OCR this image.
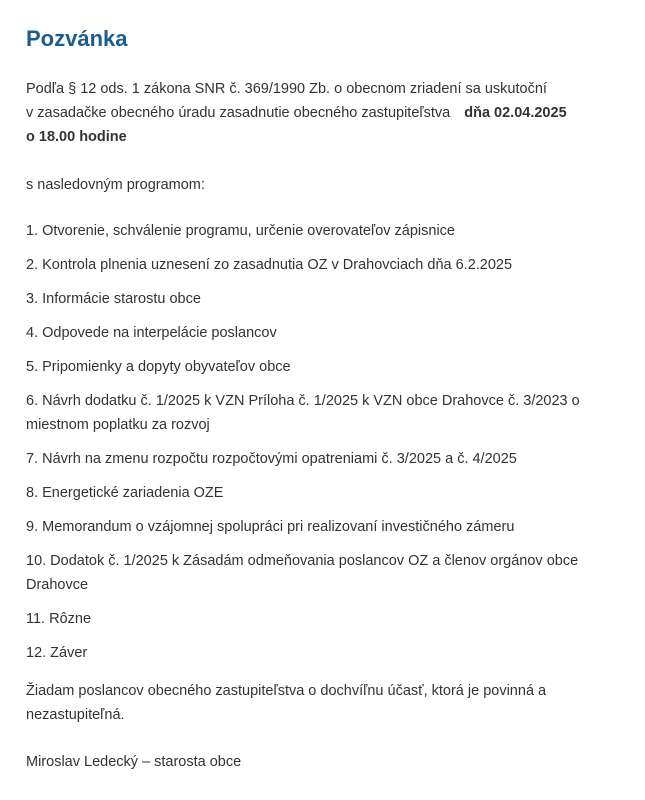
Pozvánka

Podľa § 12 ods. 1 zákona SNR č. 369/1990 Zb. o obecnom zriadení sa uskutoční
v zasadačke obecného úradu zasadnutie obecného zastupiteľstva dňa 02.04.2025
o 18.00 hodine

s nasledovným programom:

1. Otvorenie, schválenie programu, určenie overovateľov zápisnice
2. Kontrola plnenia uznesení zo zasadnutia OZ v Drahovciach dňa 6.2.2025
3. Informácie starostu obce
4. Odpovede na interpelácie poslancov
5. Pripomienky a dopyty obyvateľov obce
6. Návrh dodatku č. 1/2025 k VZN Príloha č. 1/2025 k VZN obce Drahovce č. 3/2023 o miestnom poplatku za rozvoj
7. Návrh na zmenu rozpočtu rozpočtovými opatreniami č. 3/2025 a č. 4/2025
8. Energetické zariadenia OZE
9. Memorandum o vzájomnej spolupráci pri realizovaní investičného zámeru
10. Dodatok č. 1/2025 k Zásadám odmeňovania poslancov OZ a členov orgánov obce Drahovce
11. Rôzne
12. Záver

Žiadam poslancov obecného zastupiteľstva o dochvíľnu účasť, ktorá je povinná a nezastupiteľná.

Miroslav Ledecký – starosta obce
